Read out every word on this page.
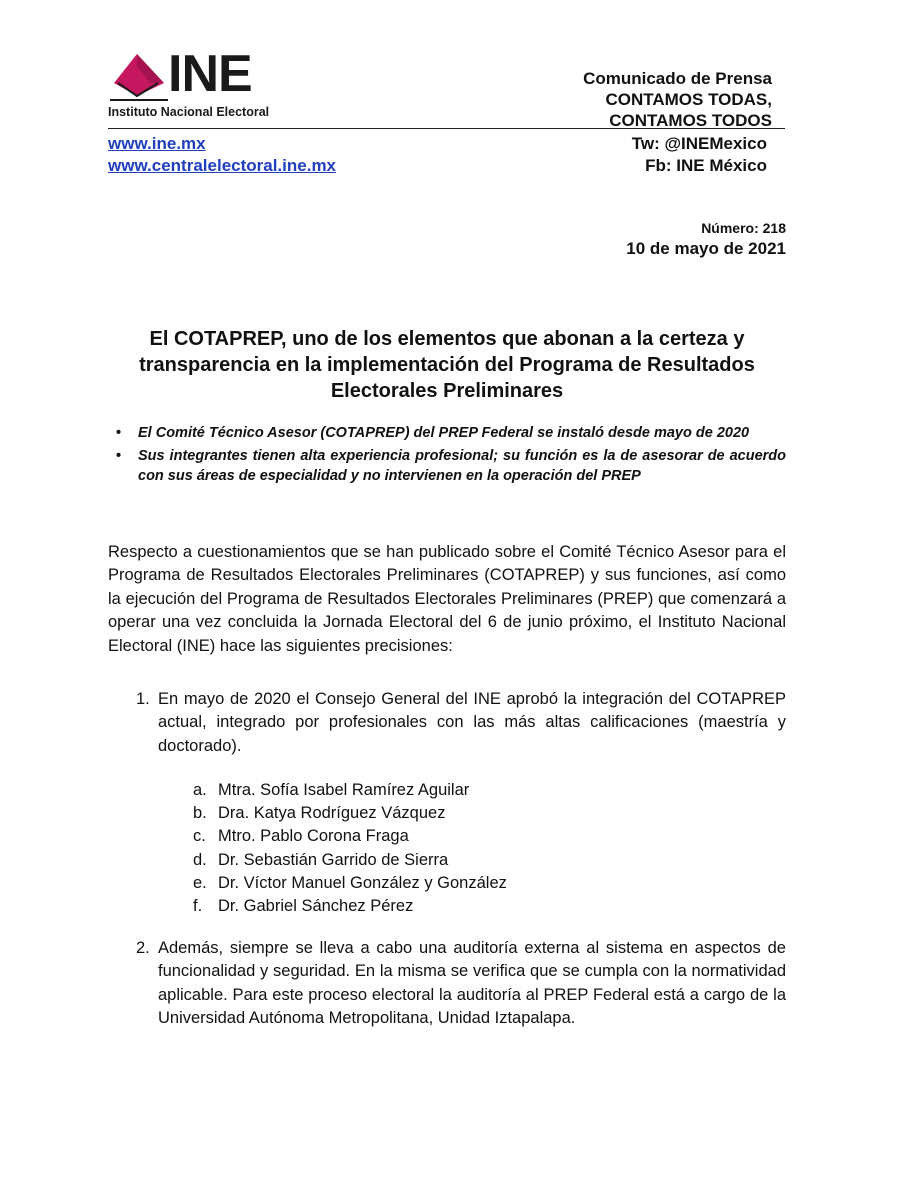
INE
Instituto Nacional Electoral
Comunicado de Prensa
CONTAMOS TODAS,
CONTAMOS TODOS
www.ine.mx
www.centralelectoral.ine.mx
Tw: @INEMexico
Fb: INE México
Número: 218
10 de mayo de 2021
El COTAPREP, uno de los elementos que abonan a la certeza y transparencia en la implementación del Programa de Resultados Electorales Preliminares
• El Comité Técnico Asesor (COTAPREP) del PREP Federal se instaló desde mayo de 2020
• Sus integrantes tienen alta experiencia profesional; su función es la de asesorar de acuerdo con sus áreas de especialidad y no intervienen en la operación del PREP

Respecto a cuestionamientos que se han publicado sobre el Comité Técnico Asesor para el Programa de Resultados Electorales Preliminares (COTAPREP) y sus funciones, así como la ejecución del Programa de Resultados Electorales Preliminares (PREP) que comenzará a operar una vez concluida la Jornada Electoral del 6 de junio próximo, el Instituto Nacional Electoral (INE) hace las siguientes precisiones:

1. En mayo de 2020 el Consejo General del INE aprobó la integración del COTAPREP actual, integrado por profesionales con las más altas calificaciones (maestría y doctorado).
a. Mtra. Sofía Isabel Ramírez Aguilar
b. Dra. Katya Rodríguez Vázquez
c. Mtro. Pablo Corona Fraga
d. Dr. Sebastián Garrido de Sierra
e. Dr. Víctor Manuel González y González
f. Dr. Gabriel Sánchez Pérez
2. Además, siempre se lleva a cabo una auditoría externa al sistema en aspectos de funcionalidad y seguridad. En la misma se verifica que se cumpla con la normatividad aplicable. Para este proceso electoral la auditoría al PREP Federal está a cargo de la Universidad Autónoma Metropolitana, Unidad Iztapalapa.
